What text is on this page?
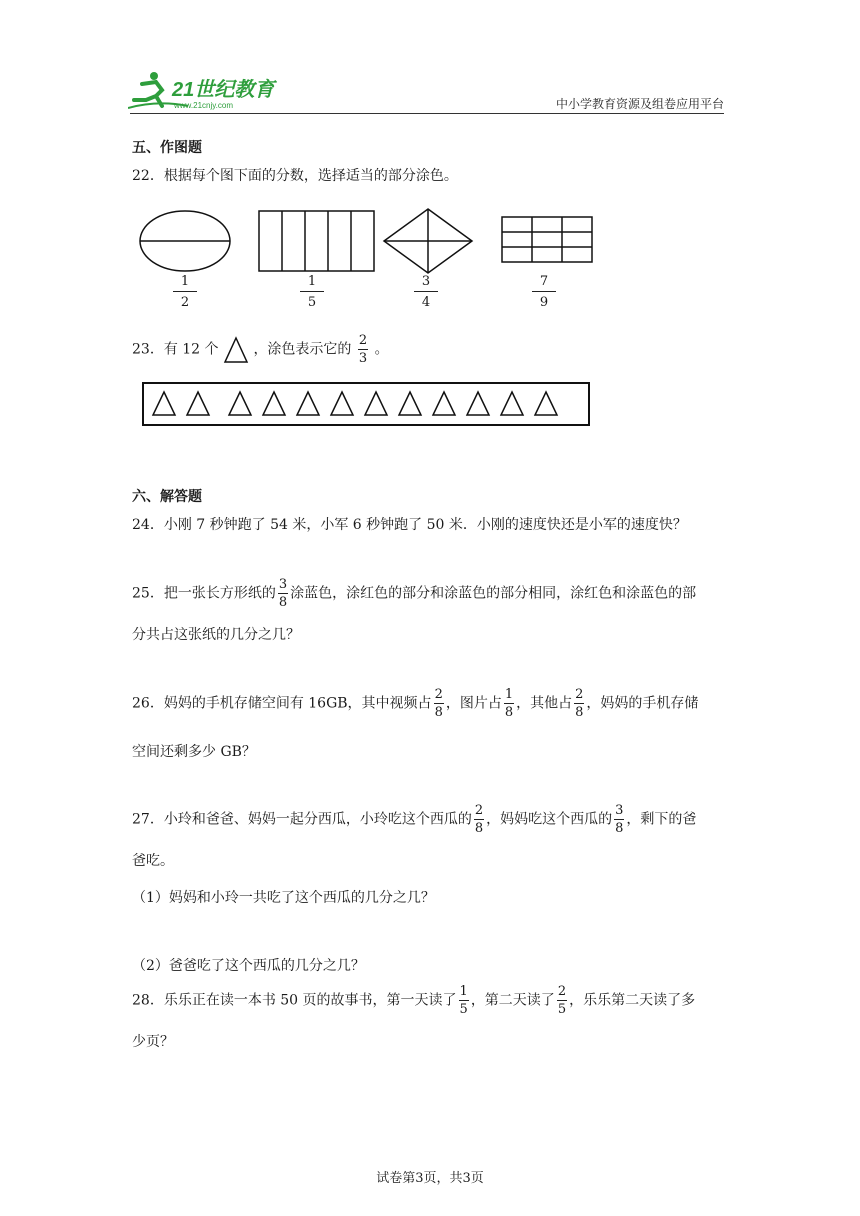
21世纪教育
www.21cnjy.com	中小学教育资源及组卷应用平台
五、作图题
22．根据每个图下面的分数，选择适当的部分涂色。
$\frac{1}{2}$	$\frac{1}{5}$	$\frac{3}{4}$	$\frac{7}{9}$
23．有 12 个 ，涂色表示它的 $\frac{2}{3}$ 。
六、解答题
24．小刚 7 秒钟跑了 54 米，小军 6 秒钟跑了 50 米．小刚的速度快还是小军的速度快？
25．把一张长方形纸的 $\frac{3}{8}$ 涂蓝色，涂红色的部分和涂蓝色的部分相同，涂红色和涂蓝色的部
分共占这张纸的几分之几？
26．妈妈的手机存储空间有 16GB，其中视频占 $\frac{2}{8}$ ，图片占 $\frac{1}{8}$ ，其他占 $\frac{2}{8}$ ，妈妈的手机存储
空间还剩多少 GB？
27．小玲和爸爸、妈妈一起分西瓜，小玲吃这个西瓜的 $\frac{2}{8}$ ，妈妈吃这个西瓜的 $\frac{3}{8}$ ，剩下的爸
爸吃。
（1）妈妈和小玲一共吃了这个西瓜的几分之几？
（2）爸爸吃了这个西瓜的几分之几？
28．乐乐正在读一本书 50 页的故事书，第一天读了 $\frac{1}{5}$ ，第二天读了 $\frac{2}{5}$ ，乐乐第二天读了多
少页？
试卷第3页，共3页
